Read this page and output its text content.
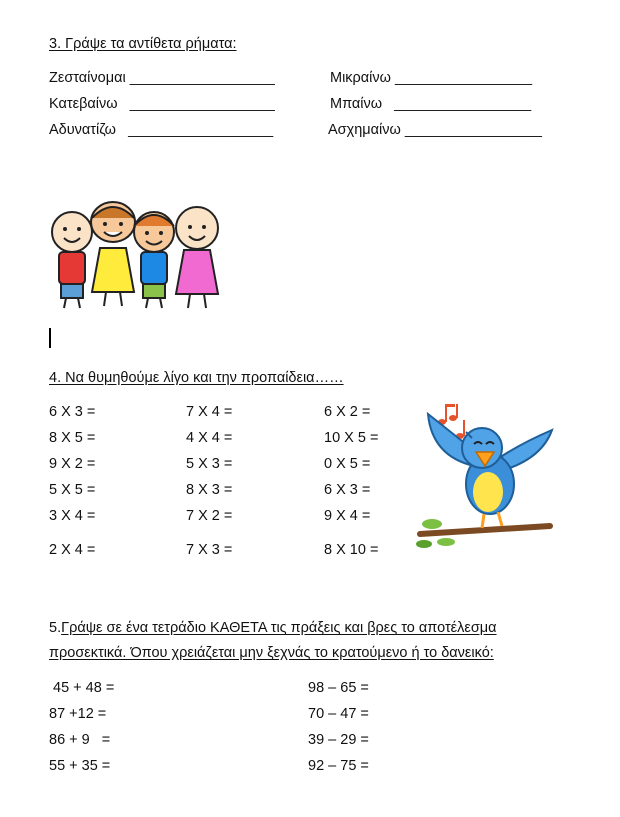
3. Γράψε τα αντίθετα ρήματα:
Ζεσταίνομαι __________________
Κατεβαίνω   __________________
Αδυνατίζω   __________________
Μικραίνω _________________
Μπαίνω   _________________
Ασχημαίνω _________________
4. Να θυμηθούμε λίγο και την προπαίδεια……
6 X 3 =
8 X 5 =
9 X 2 =
5 X 5 =
3 X 4 =
2 X 4 =
7 X 4 =
4 X 4 =
5 X 3 =
8 X 3 =
7 X 2 =
7 X 3 =
6 X 2 =
10 X 5 =
0 X 5 =
6 X 3 =
9 X 4 =
8 X 10 =
5.Γράψε σε ένα τετράδιο ΚΑΘΕΤΑ τις πράξεις και βρες το αποτέλεσμα
προσεκτικά. Όπου χρειάζεται μην ξεχνάς το κρατούμενο ή το δανεικό:
45 + 48 =
87 +12 =
86 + 9   =
55 + 35 =
98 – 65 =
70 – 47 =
39 – 29 =
92 – 75 =
